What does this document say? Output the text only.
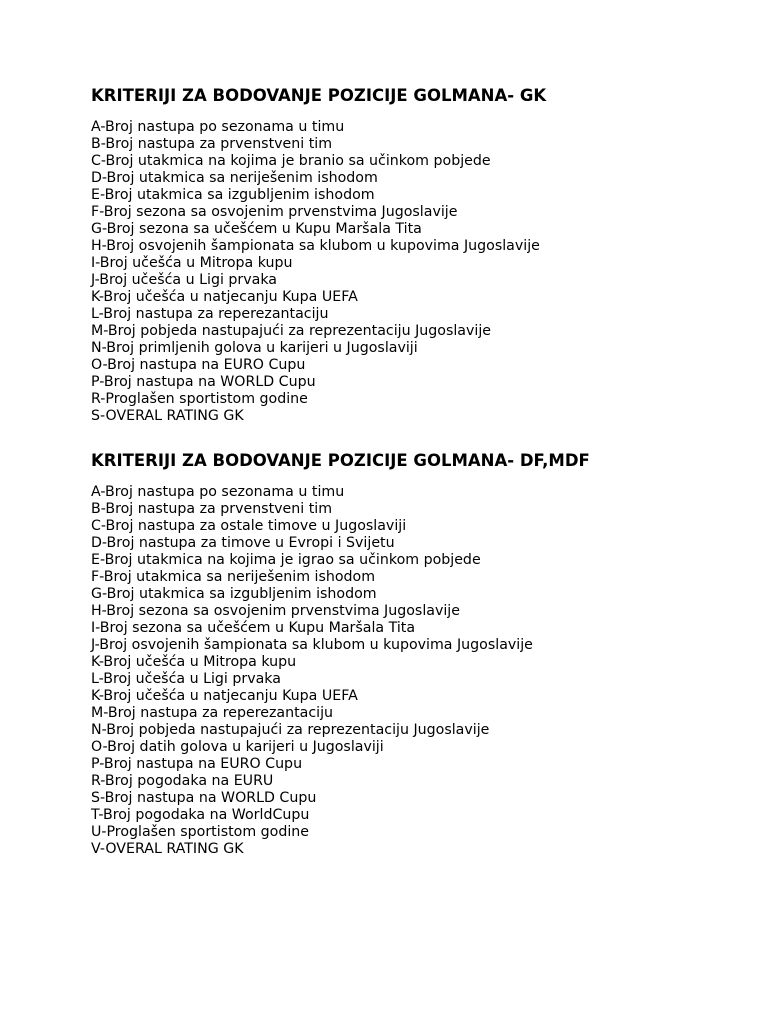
KRITERIJI ZA BODOVANJE POZICIJE GOLMANA- GK
A-Broj nastupa po sezonama u timu
B-Broj nastupa za prvenstveni tim
C-Broj utakmica na kojima je branio sa učinkom pobjede
D-Broj utakmica sa neriješenim ishodom
E-Broj utakmica sa izgubljenim ishodom
F-Broj sezona sa osvojenim prvenstvima Jugoslavije
G-Broj sezona sa učešćem u Kupu Maršala Tita
H-Broj osvojenih šampionata sa klubom u kupovima Jugoslavije
I-Broj učešća u Mitropa kupu
J-Broj učešća u Ligi prvaka
K-Broj učešća u natjecanju Kupa UEFA
L-Broj nastupa za reperezantaciju
M-Broj pobjeda nastupajući za reprezentaciju Jugoslavije
N-Broj primljenih golova u karijeri u Jugoslaviji
O-Broj nastupa na EURO Cupu
P-Broj nastupa na WORLD Cupu
R-Proglašen sportistom godine
S-OVERAL RATING GK
KRITERIJI ZA BODOVANJE POZICIJE GOLMANA- DF,MDF
A-Broj nastupa po sezonama u timu
B-Broj nastupa za prvenstveni tim
C-Broj nastupa za ostale timove u Jugoslaviji
D-Broj nastupa za timove u Evropi i Svijetu
E-Broj utakmica na kojima je igrao sa učinkom pobjede
F-Broj utakmica sa neriješenim ishodom
G-Broj utakmica sa izgubljenim ishodom
H-Broj sezona sa osvojenim prvenstvima Jugoslavije
I-Broj sezona sa učešćem u Kupu Maršala Tita
J-Broj osvojenih šampionata sa klubom u kupovima Jugoslavije
K-Broj učešća u Mitropa kupu
L-Broj učešća u Ligi prvaka
K-Broj učešća u natjecanju Kupa UEFA
M-Broj nastupa za reperezantaciju
N-Broj pobjeda nastupajući za reprezentaciju Jugoslavije
O-Broj datih golova u karijeri u Jugoslaviji
P-Broj nastupa na EURO Cupu
R-Broj pogodaka na EURU
S-Broj nastupa na WORLD Cupu
T-Broj pogodaka na WorldCupu
U-Proglašen sportistom godine
V-OVERAL RATING GK
